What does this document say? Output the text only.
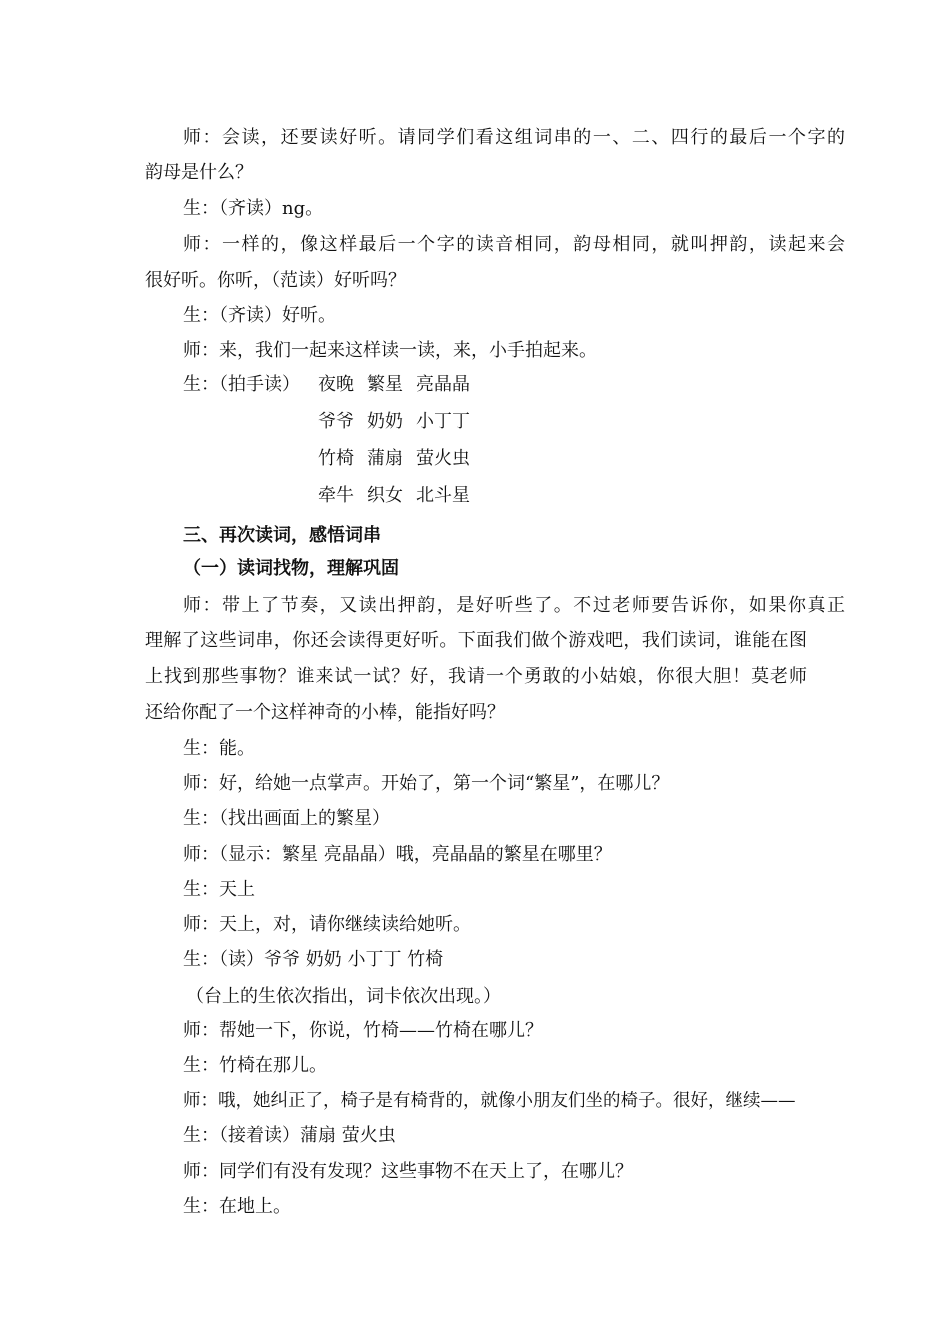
师：会读，还要读好听。请同学们看这组词串的一、二、四行的最后一个字的
韵母是什么？
生：（齐读）ng。
师：一样的，像这样最后一个字的读音相同，韵母相同，就叫押韵，读起来会
很好听。你听，（范读）好听吗？
生：（齐读）好听。
师：来，我们一起来这样读一读，来，小手拍起来。
生：（拍手读） 夜晚 繁星 亮晶晶
爷爷 奶奶 小丁丁
竹椅 蒲扇 萤火虫
牵牛 织女 北斗星
三、再次读词，感悟词串
（一）读词找物，理解巩固
师：带上了节奏，又读出押韵，是好听些了。不过老师要告诉你，如果你真正
理解了这些词串，你还会读得更好听。下面我们做个游戏吧，我们读词，谁能在图
上找到那些事物？谁来试一试？好，我请一个勇敢的小姑娘，你很大胆！莫老师
还给你配了一个这样神奇的小棒，能指好吗？
生：能。
师：好，给她一点掌声。开始了，第一个词“繁星”，在哪儿？
生：（找出画面上的繁星）
师：（显示：繁星 亮晶晶）哦，亮晶晶的繁星在哪里？
生：天上
师：天上，对，请你继续读给她听。
生：（读）爷爷 奶奶 小丁丁 竹椅
（台上的生依次指出，词卡依次出现。）
师：帮她一下，你说，竹椅——竹椅在哪儿？
生：竹椅在那儿。
师：哦，她纠正了，椅子是有椅背的，就像小朋友们坐的椅子。很好，继续——
生：（接着读）蒲扇 萤火虫
师：同学们有没有发现？这些事物不在天上了，在哪儿？
生：在地上。
